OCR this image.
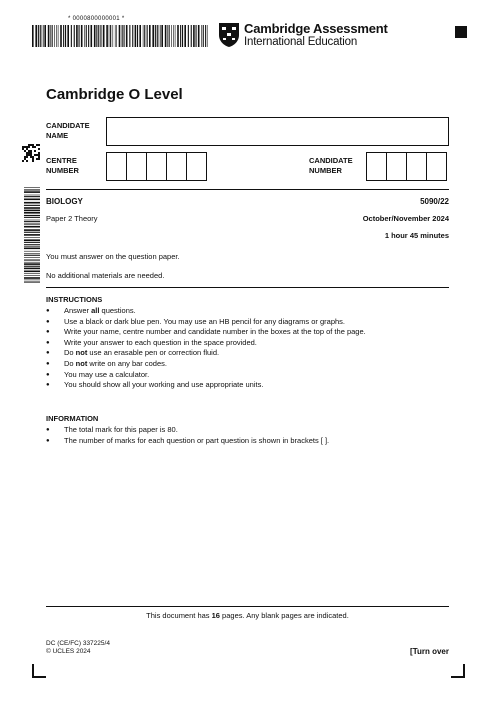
* 0000800000001 *
Cambridge Assessment
International Education
Cambridge O Level
CANDIDATE
NAME
CENTRE
NUMBER
CANDIDATE
NUMBER
BIOLOGY	5090/22
Paper 2 Theory	October/November 2024
1 hour 45 minutes
You must answer on the question paper.
No additional materials are needed.
INSTRUCTIONS
● Answer all questions.
● Use a black or dark blue pen. You may use an HB pencil for any diagrams or graphs.
● Write your name, centre number and candidate number in the boxes at the top of the page.
● Write your answer to each question in the space provided.
● Do not use an erasable pen or correction fluid.
● Do not write on any bar codes.
● You may use a calculator.
● You should show all your working and use appropriate units.
INFORMATION
● The total mark for this paper is 80.
● The number of marks for each question or part question is shown in brackets [ ].
This document has 16 pages. Any blank pages are indicated.
DC (CE/FC) 337225/4
© UCLES 2024	[Turn over
